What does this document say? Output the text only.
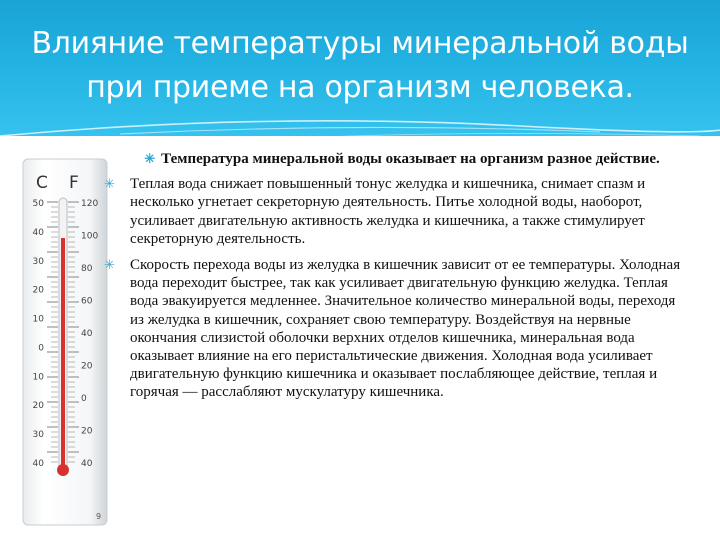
Влияние температуры минеральной воды
при приеме на организм человека.
C F
50
40
30
20
10
0
10
20
30
40
120
100
80
60
40
20
0
20
40

✳ Температура минеральной воды оказывает на организм разное действие.

✳ Теплая вода снижает повышенный тонус желудка и кишечника, снимает спазм и несколько угнетает секреторную деятельность. Питье холодной воды, наоборот, усиливает двигательную активность желудка и кишечника, а также стимулирует секреторную деятельность.

✳ Скорость перехода воды из желудка в кишечник зависит от ее температуры. Холодная вода переходит быстрее, так как усиливает двигательную функцию желудка. Теплая вода эвакуируется медленнее. Значительное количество минеральной воды, переходя из желудка в кишечник, сохраняет свою температуру. Воздействуя на нервные окончания слизистой оболочки верхних отделов кишечника, минеральная вода оказывает влияние на его перистальтические движения. Холодная вода усиливает двигательную функцию кишечника и оказывает послабляющее действие, теплая и горячая — расслабляют мускулатуру кишечника.

9
